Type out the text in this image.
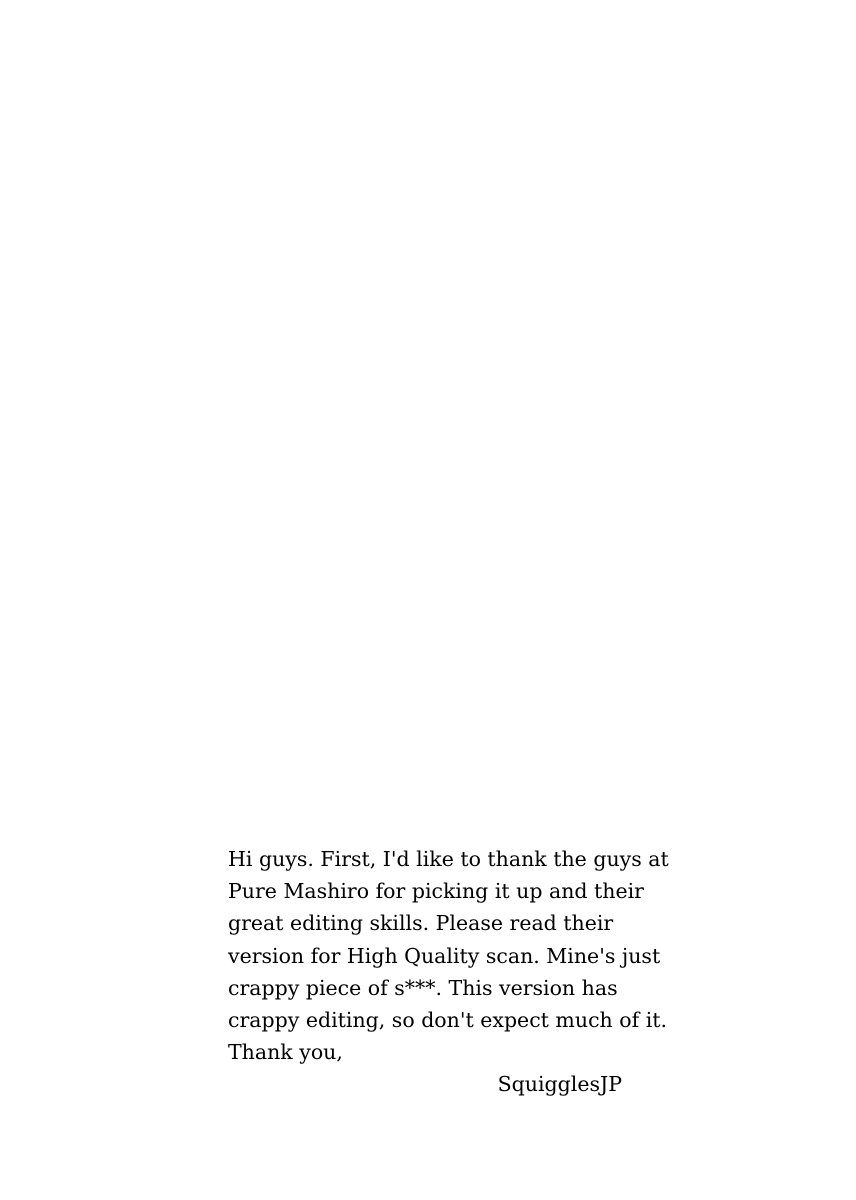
Hi guys. First, I'd like to thank the guys at
Pure Mashiro for picking it up and their
great editing skills. Please read their
version for High Quality scan. Mine's just
crappy piece of s***. This version has
crappy editing, so don't expect much of it.
Thank you,
SquigglesJP
